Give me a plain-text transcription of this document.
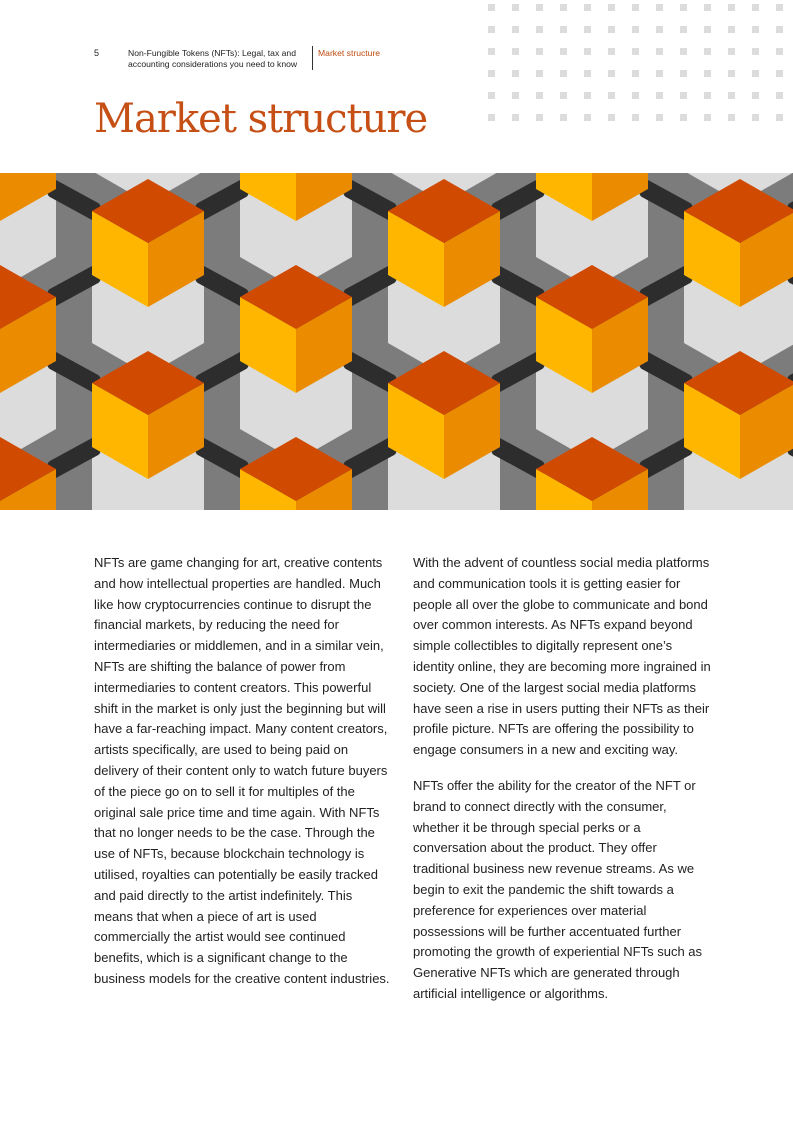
5	Non-Fungible Tokens (NFTs): Legal, tax and accounting considerations you need to know
Market structure
Market structure

NFTs are game changing for art, creative contents and how intellectual properties are handled. Much like how cryptocurrencies continue to disrupt the financial markets, by reducing the need for intermediaries or middlemen, and in a similar vein, NFTs are shifting the balance of power from intermediaries to content creators. This powerful shift in the market is only just the beginning but will have a far-reaching impact. Many content creators, artists specifically, are used to being paid on delivery of their content only to watch future buyers of the piece go on to sell it for multiples of the original sale price time and time again. With NFTs that no longer needs to be the case. Through the use of NFTs, because blockchain technology is utilised, royalties can potentially be easily tracked and paid directly to the artist indefinitely. This means that when a piece of art is used commercially the artist would see continued benefits, which is a significant change to the business models for the creative content industries.

With the advent of countless social media platforms and communication tools it is getting easier for people all over the globe to communicate and bond over common interests. As NFTs expand beyond simple collectibles to digitally represent one’s identity online, they are becoming more ingrained in society. One of the largest social media platforms have seen a rise in users putting their NFTs as their profile picture. NFTs are offering the possibility to engage consumers in a new and exciting way.

NFTs offer the ability for the creator of the NFT or brand to connect directly with the consumer, whether it be through special perks or a conversation about the product. They offer traditional business new revenue streams. As we begin to exit the pandemic the shift towards a preference for experiences over material possessions will be further accentuated further promoting the growth of experiential NFTs such as Generative NFTs which are generated through artificial intelligence or algorithms.
